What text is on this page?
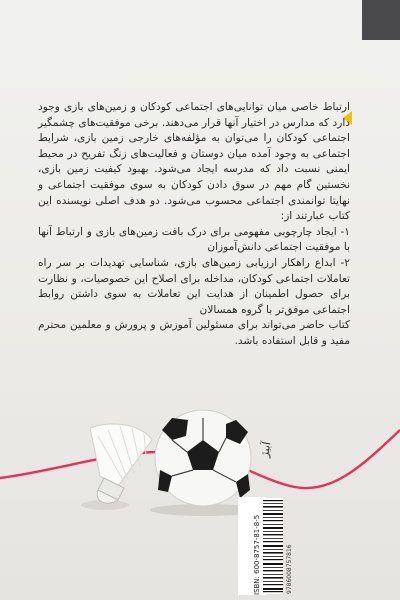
ارتباط خاصی میان توانایی‌های اجتماعی کودکان و زمین‌های بازی وجود دارد که مدارس در اختیار آنها قرار می‌دهند. برخی موفقیت‌های چشمگیر اجتماعی کودکان را می‌توان به مؤلفه‌های خارجی زمین بازی، شرایط اجتماعی به وجود آمده میان دوستان و فعالیت‌های زنگ تفریح در محیط ایمنی نسبت داد که مدرسه ایجاد می‌شود. بهبود کیفیت زمین بازی، نخستین گام مهم در سوق دادن کودکان به سوی موفقیت اجتماعی و نهایتا توانمندی اجتماعی محسوب می‌شود. دو هدف اصلی نویسنده این کتاب عبارتند از:

۱- ایجاد چارچوبی مفهومی برای درک بافت زمین‌های بازی و ارتباط آنها با موفقیت اجتماعی دانش‌آموزان

۲- ابداع راهکار ارزیابی زمین‌های بازی، شناسایی تهدیدات بر سر راه تعاملات اجتماعی کودکان، مداخله برای اصلاح این خصوصیات، و نظارت برای حصول اطمینان از هدایت این تعاملات به سوی داشتن روابط اجتماعی موفق‌تر با گروه همسالان

کتاب حاضر می‌تواند برای مسئولین آموزش و پرورش و معلمین محترم مفید و قابل استفاده باشد.

آبیژ
ISBN: 600-8757-81-8-5	9786008757816
